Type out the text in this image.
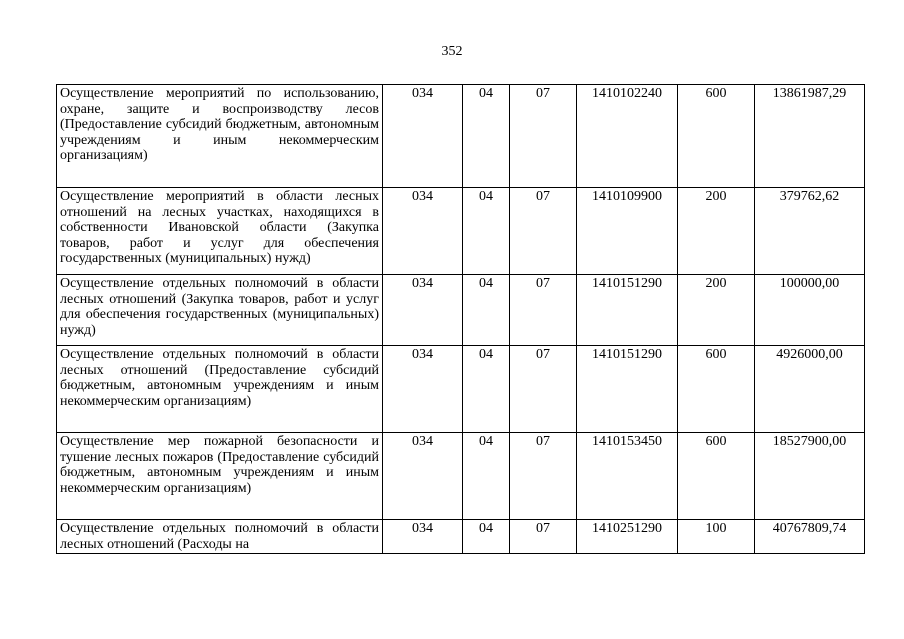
352
Осуществление мероприятий по использованию, охране, защите и воспроизводству лесов (Предоставление субсидий бюджетным, автономным учреждениям и иным некоммерческим организациям)	034	04	07	1410102240	600	13861987,29
Осуществление мероприятий в области лесных отношений на лесных участках, находящихся в собственности Ивановской области (Закупка товаров, работ и услуг для обеспечения государственных (муниципальных) нужд)	034	04	07	1410109900	200	379762,62
Осуществление отдельных полномочий в области лесных отношений (Закупка товаров, работ и услуг для обеспечения государственных (муниципальных) нужд)	034	04	07	1410151290	200	100000,00
Осуществление отдельных полномочий в области лесных отношений (Предоставление субсидий бюджетным, автономным учреждениям и иным некоммерческим организациям)	034	04	07	1410151290	600	4926000,00
Осуществление мер пожарной безопасности и тушение лесных пожаров (Предоставление субсидий бюджетным, автономным учреждениям и иным некоммерческим организациям)	034	04	07	1410153450	600	18527900,00
Осуществление отдельных полномочий в области лесных отношений (Расходы на	034	04	07	1410251290	100	40767809,74
